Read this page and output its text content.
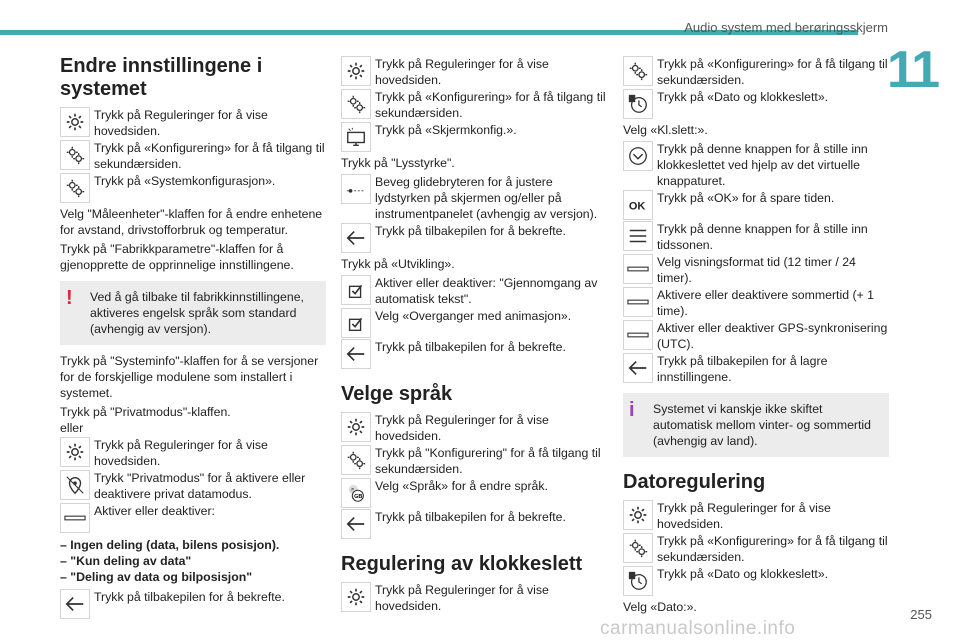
Audio system med berøringsskjerm
11
Endre innstillingene i systemet
Trykk på Reguleringer for å vise hovedsiden.
Trykk på «Konfigurering» for å få tilgang til sekundærsiden.
Trykk på «Systemkonfigurasjon».

Velg "Måleenheter"-klaffen for å endre enhetene for avstand, drivstofforbruk og temperatur.

Trykk på "Fabrikkparametre"-klaffen for å gjenopprette de opprinnelige innstillingene.

!	Ved å gå tilbake til fabrikkinnstillingene, aktiveres engelsk språk som standard (avhengig av versjon).

Trykk på "Systeminfo"-klaffen for å se versjoner for de forskjellige modulene som installert i systemet.

Trykk på "Privatmodus"-klaffen.

eller

Trykk på Reguleringer for å vise hovedsiden.
Trykk "Privatmodus" for å aktivere eller deaktivere privat datamodus.
Aktiver eller deaktiver:
– Ingen deling (data, bilens posisjon).
– "Kun deling av data"
– "Deling av data og bilposisjon"
Trykk på tilbakepilen for å bekrefte.
Trykk på Reguleringer for å vise hovedsiden.
Trykk på «Konfigurering» for å få tilgang til sekundærsiden.
Trykk på «Skjermkonfig.».

Trykk på "Lysstyrke".

Beveg glidebryteren for å justere lydstyrken på skjermen og/eller på instrumentpanelet (avhengig av versjon).
Trykk på tilbakepilen for å bekrefte.

Trykk på «Utvikling».

Aktiver eller deaktiver: "Gjennomgang av automatisk tekst".
Velg «Overganger med animasjon».
Trykk på tilbakepilen for å bekrefte.
Velge språk
Trykk på Reguleringer for å vise hovedsiden.
Trykk på "Konfigurering" for å få tilgang til sekundærsiden.
GB
F Velg «Språk» for å endre språk.
Trykk på tilbakepilen for å bekrefte.
Regulering av klokkeslett
Trykk på Reguleringer for å vise hovedsiden.
Trykk på «Konfigurering» for å få tilgang til sekundærsiden.
Trykk på «Dato og klokkeslett».

Velg «Kl.slett:».

Trykk på denne knappen for å stille inn klokkeslettet ved hjelp av det virtuelle knappaturet.
OK
Trykk på «OK» for å spare tiden.
Trykk på denne knappen for å stille inn tidssonen.
Velg visningsformat tid (12 timer / 24 timer).
Aktivere eller deaktivere sommertid (+ 1 time).
Aktiver eller deaktiver GPS-synkronisering (UTC).
Trykk på tilbakepilen for å lagre innstillingene.
i	Systemet vi kanskje ikke skiftet automatisk mellom vinter- og sommertid (avhengig av land).
Datoregulering
Trykk på Reguleringer for å vise hovedsiden.
Trykk på «Konfigurering» for å få tilgang til sekundærsiden.
Trykk på «Dato og klokkeslett».

Velg «Dato:».	255
carmanualsonline.info
